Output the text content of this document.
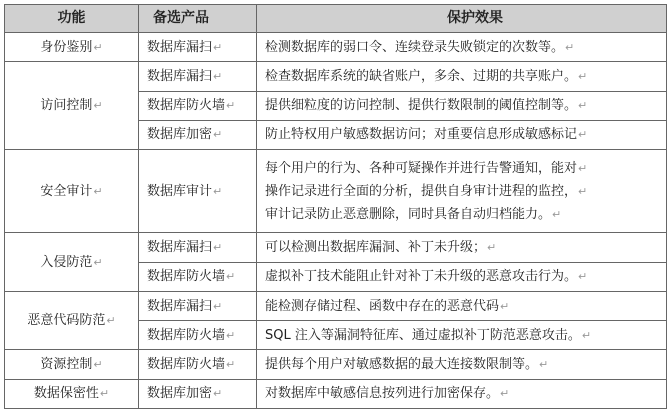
功能	备选产品	保护效果

身份鉴别↵	数据库漏扫↵	检测数据库的弱口令、连续登录失败锁定的次数等。↵

访问控制↵	数据库漏扫↵	检查数据库系统的缺省账户，多余、过期的共享账户。↵

	数据库防火墙↵	提供细粒度的访问控制、提供行数限制的阈值控制等。↵

	数据库加密↵	防止特权用户敏感数据访问；对重要信息形成敏感标记↵

安全审计↵	数据库审计↵	每个用户的行为、各种可疑操作并进行告警通知，能对↵
操作记录进行全面的分析，提供自身审计进程的监控，↵
审计记录防止恶意删除，同时具备自动归档能力。↵

入侵防范↵	数据库漏扫↵	可以检测出数据库漏洞、补丁未升级；↵

	数据库防火墙↵	虚拟补丁技术能阻止针对补丁未升级的恶意攻击行为。↵

恶意代码防范↵	数据库漏扫↵	能检测存储过程、函数中存在的恶意代码↵

	数据库防火墙↵	SQL 注入等漏洞特征库、通过虚拟补丁防范恶意攻击。↵

资源控制↵	数据库防火墙↵	提供每个用户对敏感数据的最大连接数限制等。↵

数据保密性↵	数据库加密↵	对数据库中敏感信息按列进行加密保存。↵
